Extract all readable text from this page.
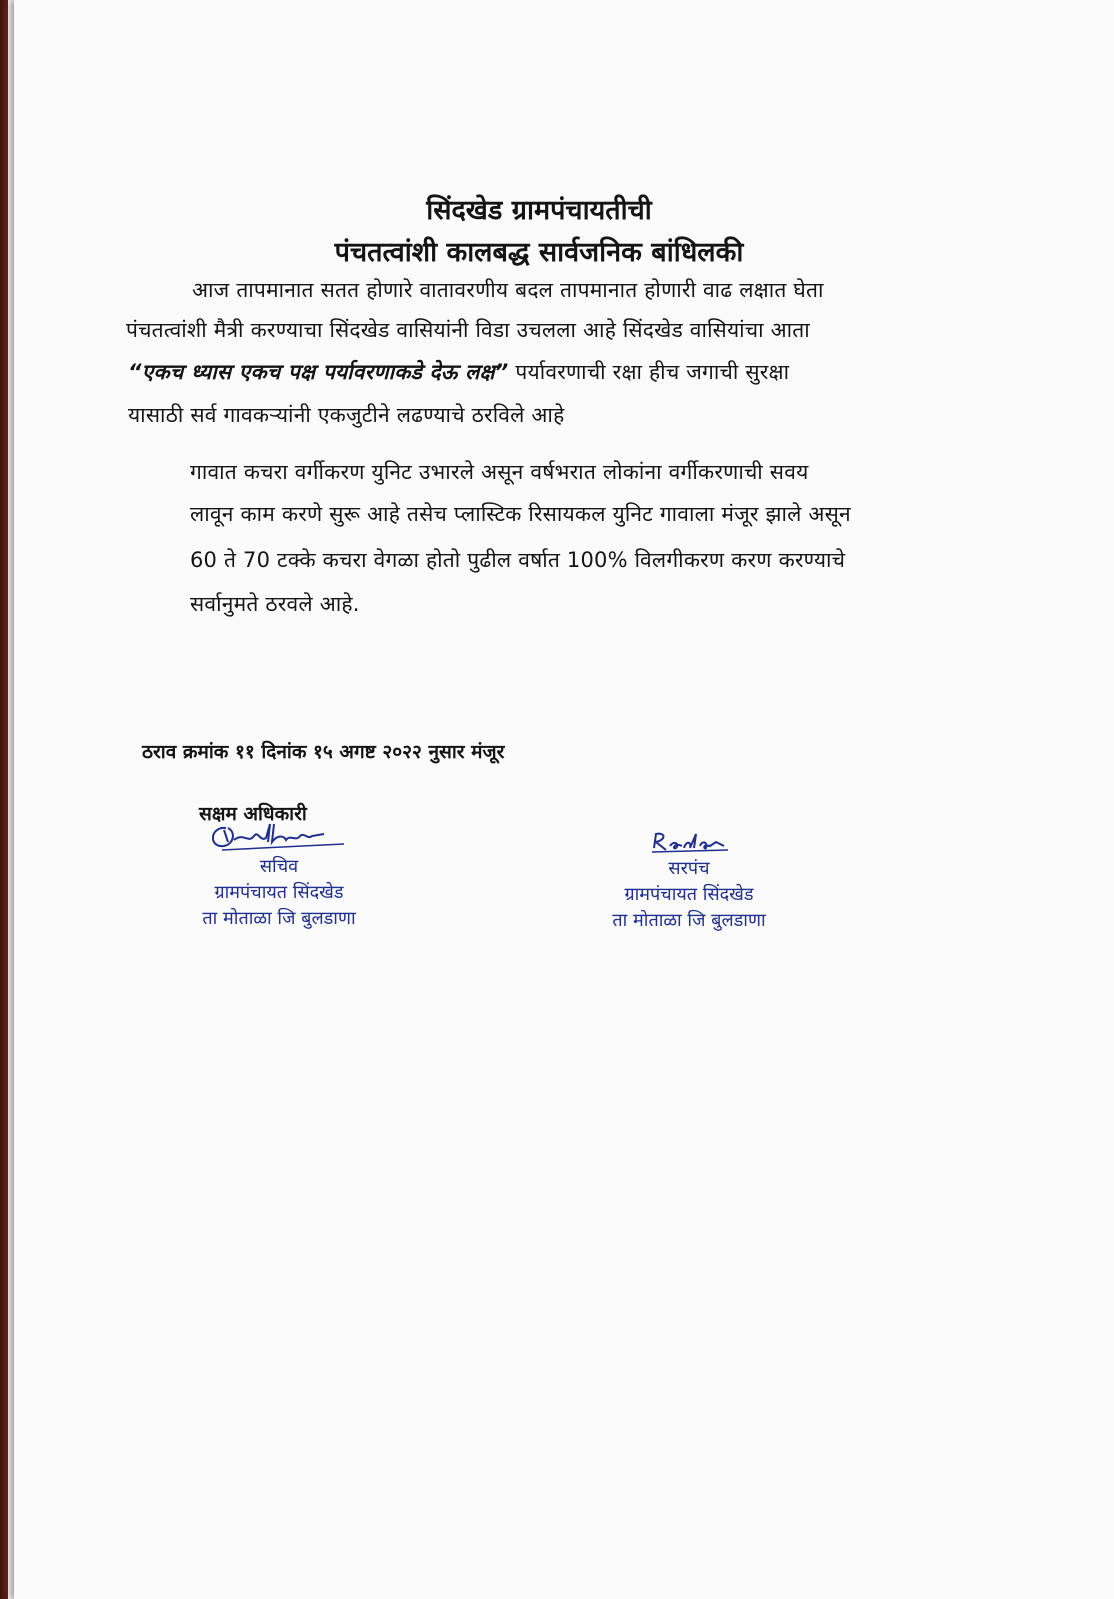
सिंदखेड ग्रामपंचायतीची
पंचतत्वांशी कालबद्ध सार्वजनिक बांधिलकी
आज तापमानात सतत होणारे वातावरणीय बदल तापमानात होणारी वाढ लक्षात घेता
पंचतत्वांशी मैत्री करण्याचा सिंदखेड वासियांनी विडा उचलला आहे सिंदखेड वासियांचा आता
“एकच ध्यास एकच पक्ष पर्यावरणाकडे देऊ लक्ष” पर्यावरणाची रक्षा हीच जगाची सुरक्षा
यासाठी सर्व गावकऱ्यांनी एकजुटीने लढण्याचे ठरविले आहे
गावात कचरा वर्गीकरण युनिट उभारले असून वर्षभरात लोकांना वर्गीकरणाची सवय
लावून काम करणे सुरू आहे तसेच प्लास्टिक रिसायकल युनिट गावाला मंजूर झाले असून
60 ते 70 टक्के कचरा वेगळा होतो पुढील वर्षात 100% विलगीकरण करण करण्याचे
सर्वानुमते ठरवले आहे.
ठराव क्रमांक ११ दिनांक १५ अगष्ट २०२२ नुसार मंजूर
सक्षम अधिकारी
सचिव
ग्रामपंचायत सिंदखेड
ता मोताळा जि बुलडाणा
सरपंच
ग्रामपंचायत सिंदखेड
ता मोताळा जि बुलडाणा
